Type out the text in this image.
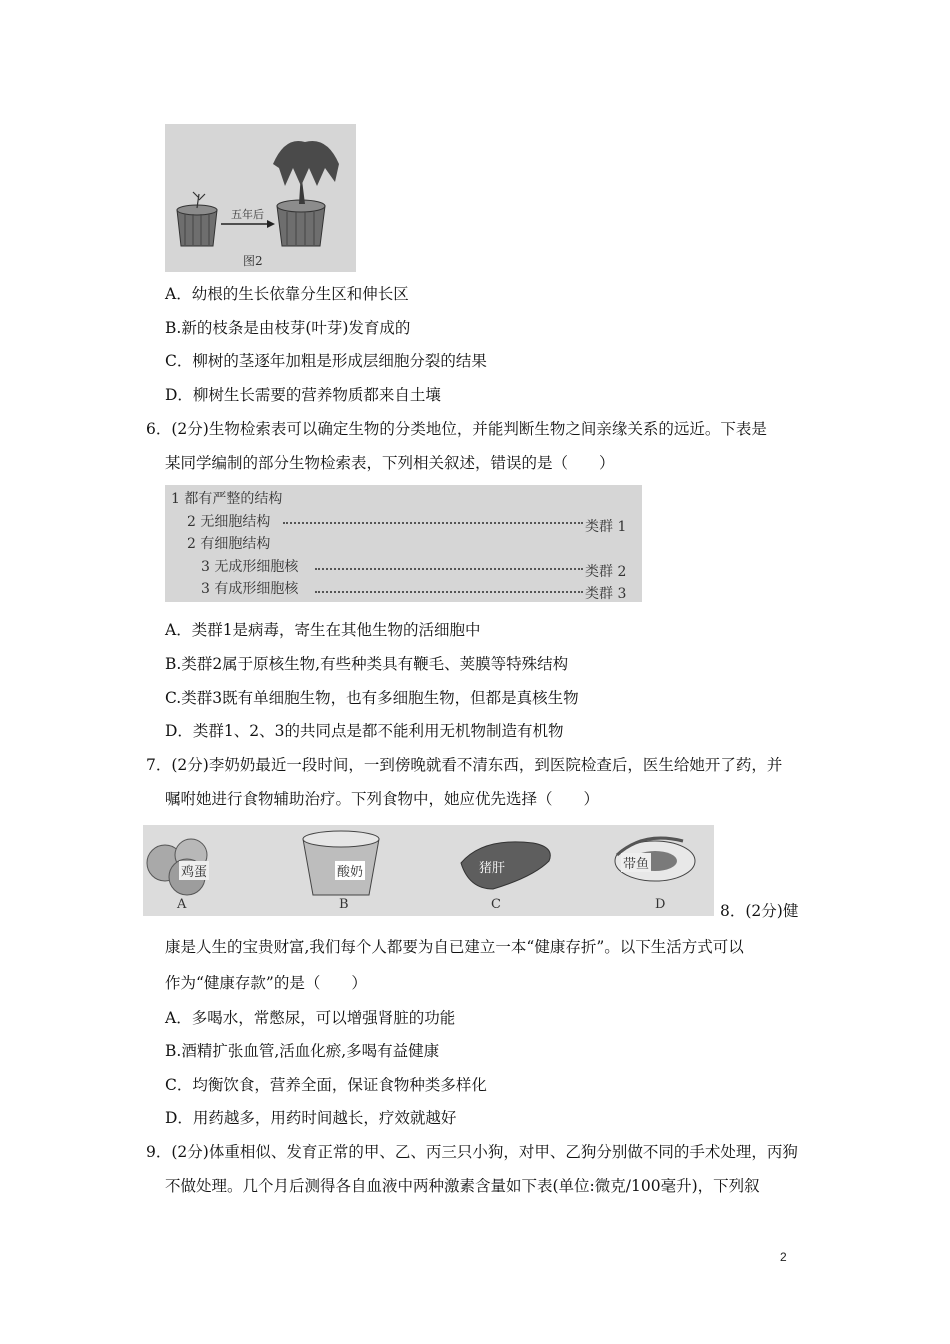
五年后
图2
A．幼根的生长依靠分生区和伸长区
B.新的枝条是由枝芽(叶芽)发育成的
C．柳树的茎逐年加粗是形成层细胞分裂的结果
D．柳树生长需要的营养物质都来自土壤
6．(2分)生物检索表可以确定生物的分类地位，并能判断生物之间亲缘关系的远近。下表是
某同学编制的部分生物检索表，下列相关叙述，错误的是（　　）
1 都有严整的结构
2 无细胞结构	类群 1
2 有细胞结构
3 无成形细胞核	类群 2
3 有成形细胞核	类群 3
A．类群1是病毒，寄生在其他生物的活细胞中
B.类群2属于原核生物,有些种类具有鞭毛、荚膜等特殊结构
C.类群3既有单细胞生物，也有多细胞生物，但都是真核生物
D．类群1、2、3的共同点是都不能利用无机物制造有机物
7．(2分)李奶奶最近一段时间，一到傍晚就看不清东西，到医院检查后，医生给她开了药，并
嘱咐她进行食物辅助治疗。下列食物中，她应优先选择（　　）
鸡蛋	酸奶	猪肝	带鱼
A	B	C	D	8．(2分)健
康是人生的宝贵财富,我们每个人都要为自已建立一本“健康存折”。以下生活方式可以
作为“健康存款”的是（　　）
A．多喝水，常憋尿，可以增强肾脏的功能
B.酒精扩张血管,活血化瘀,多喝有益健康
C．均衡饮食，营养全面，保证食物种类多样化
D．用药越多，用药时间越长，疗效就越好
9．(2分)体重相似、发育正常的甲、乙、丙三只小狗，对甲、乙狗分别做不同的手术处理，丙狗
不做处理。几个月后测得各自血液中两种激素含量如下表(单位:微克/100毫升)，下列叙
2
